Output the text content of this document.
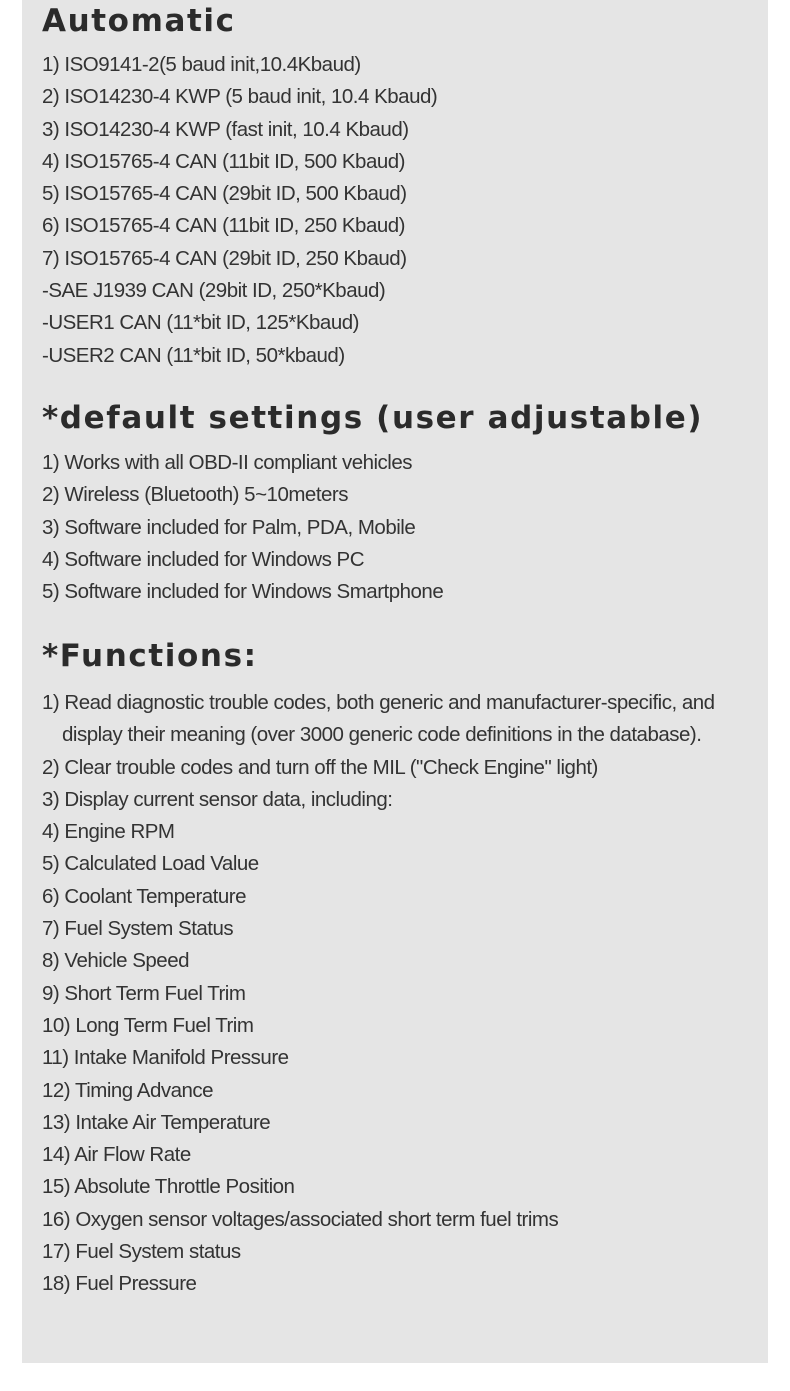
Automatic
1) ISO9141-2(5 baud init,10.4Kbaud)
2) ISO14230-4 KWP (5 baud init, 10.4 Kbaud)
3) ISO14230-4 KWP (fast init, 10.4 Kbaud)
4) ISO15765-4 CAN (11bit ID, 500 Kbaud)
5) ISO15765-4 CAN (29bit ID, 500 Kbaud)
6) ISO15765-4 CAN (11bit ID, 250 Kbaud)
7) ISO15765-4 CAN (29bit ID, 250 Kbaud)
-SAE J1939 CAN (29bit ID, 250*Kbaud)
-USER1 CAN (11*bit ID, 125*Kbaud)
-USER2 CAN (11*bit ID, 50*kbaud)
*default settings (user adjustable)
1) Works with all OBD-II compliant vehicles
2) Wireless (Bluetooth) 5~10meters
3) Software included for Palm, PDA, Mobile
4) Software included for Windows PC
5) Software included for Windows Smartphone
*Functions:
1) Read diagnostic trouble codes, both generic and manufacturer-specific, and display their meaning (over 3000 generic code definitions in the database).
2) Clear trouble codes and turn off the MIL ("Check Engine" light)
3) Display current sensor data, including:
4) Engine RPM
5) Calculated Load Value
6) Coolant Temperature
7) Fuel System Status
8) Vehicle Speed
9) Short Term Fuel Trim
10) Long Term Fuel Trim
11) Intake Manifold Pressure
12) Timing Advance
13) Intake Air Temperature
14) Air Flow Rate
15) Absolute Throttle Position
16) Oxygen sensor voltages/associated short term fuel trims
17) Fuel System status
18) Fuel Pressure
